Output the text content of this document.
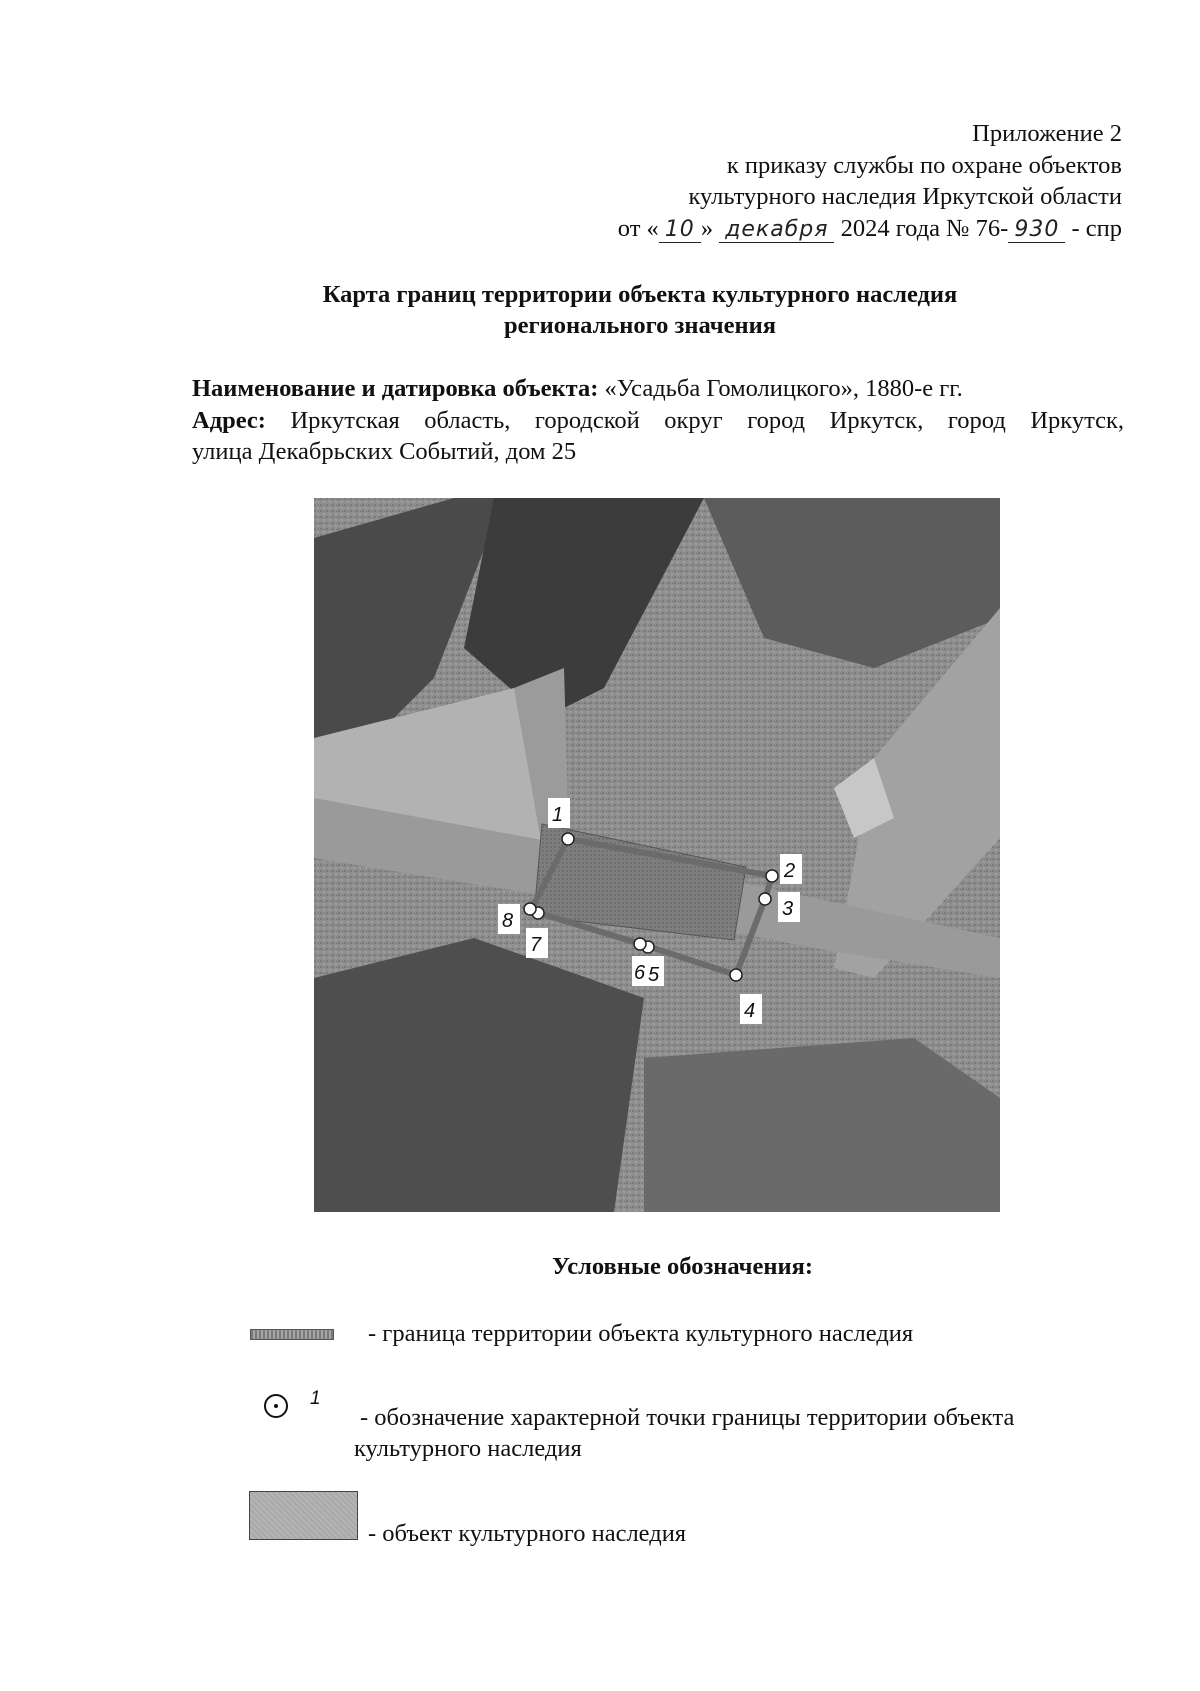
Приложение 2
к приказу службы по охране объектов
культурного наследия Иркутской области
от « 10 » декабря 2024 года № 76- 930 - спр
Карта границ территории объекта культурного наследия
регионального значения
Наименование и датировка объекта: «Усадьба Гомолицкого», 1880-е гг.
Адрес: Иркутская область, городской округ город Иркутск, город Иркутск,
улица Декабрьских Событий, дом 25
1
2
3
4
6 5
8
7
Условные обозначения:
- граница территории объекта культурного наследия
1
- обозначение характерной точки границы территории объекта
культурного наследия
- объект культурного наследия
